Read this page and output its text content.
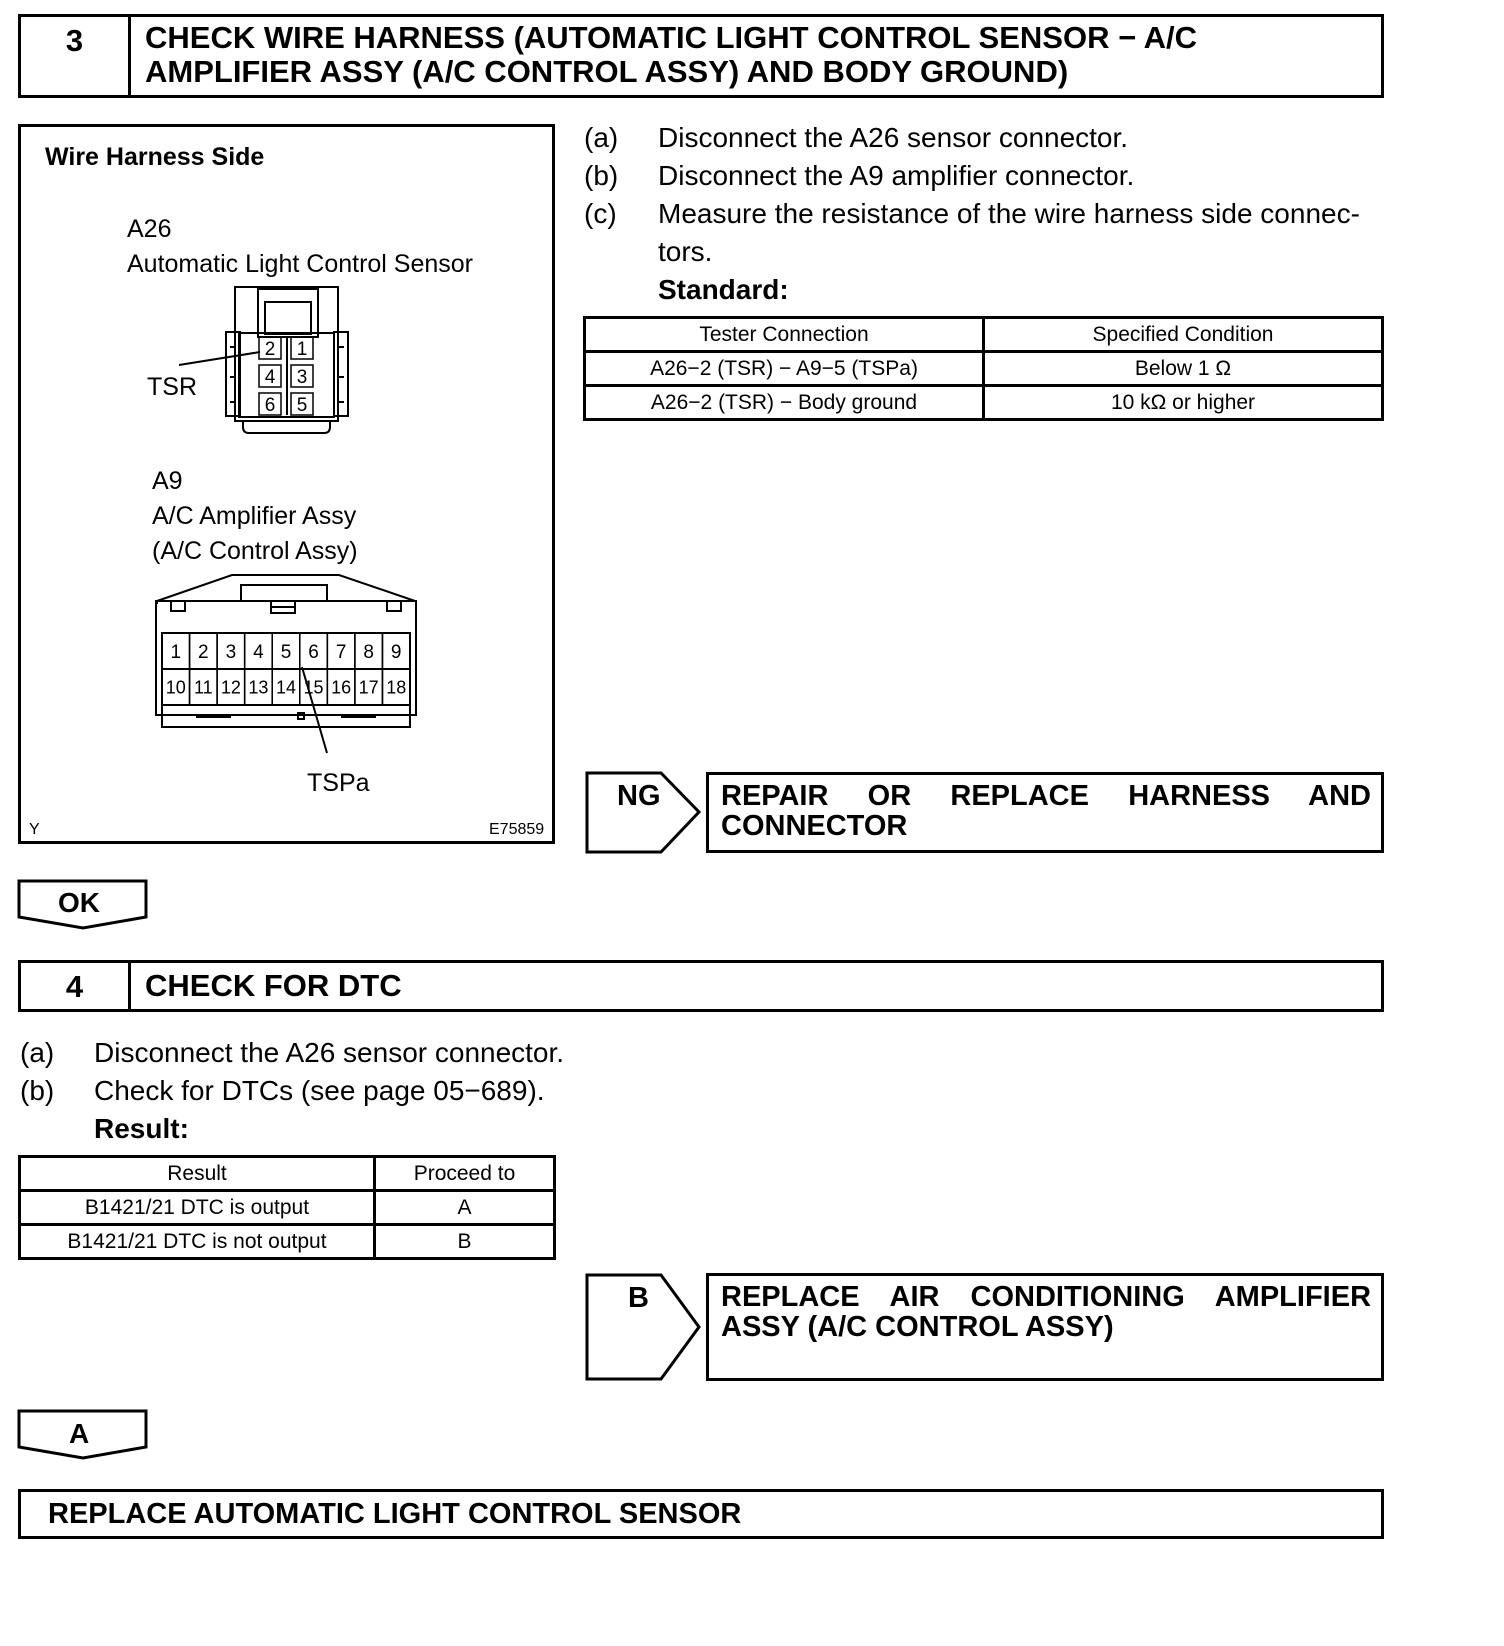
3	CHECK WIRE HARNESS (AUTOMATIC LIGHT CONTROL SENSOR − A/C
AMPLIFIER ASSY (A/C CONTROL ASSY) AND BODY GROUND)
Wire Harness Side
A26
Automatic Light Control Sensor
TSR
A9
A/C Amplifier Assy
(A/C Control Assy)
TSPa
Y	E75859
2 1
4 3
6 5
1 2 3 4 5 6 7 8 9
10 11 12 13 14 15 16 17 18
(a) Disconnect the A26 sensor connector.
(b) Disconnect the A9 amplifier connector.
(c) Measure the resistance of the wire harness side connec-
tors.
Standard:
Tester Connection	Specified Condition
A26−2 (TSR) − A9−5 (TSPa)	Below 1 Ω
A26−2 (TSR) − Body ground	10 kΩ or higher
NG REPAIR OR REPLACE HARNESS AND
CONNECTOR
OK
4	CHECK FOR DTC
(a) Disconnect the A26 sensor connector.
(b) Check for DTCs (see page 05−689).
Result:
Result	Proceed to
B1421/21 DTC is output	A
B1421/21 DTC is not output	B
B REPLACE AIR CONDITIONING AMPLIFIER
ASSY (A/C CONTROL ASSY)
A
REPLACE AUTOMATIC LIGHT CONTROL SENSOR
